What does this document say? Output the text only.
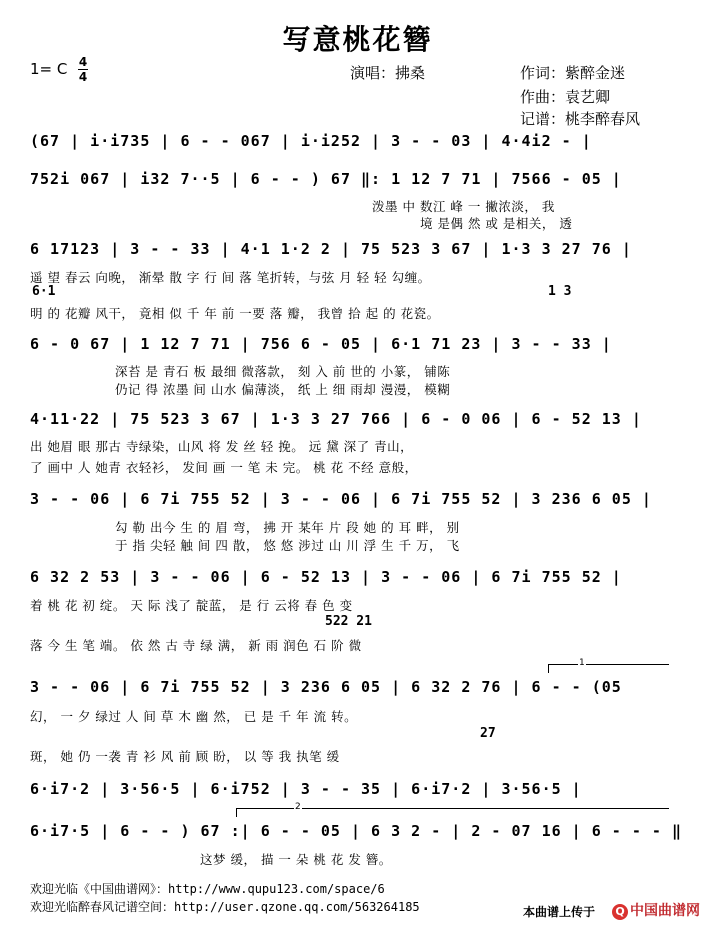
写意桃花簪
1= C 4
4	演唱：拂桑	作词：紫醉金迷
作曲：袁艺卿
记谱：桃李醉春风
(67 | i·i735 | 6 - - 067 | i·i252 | 3 - - 03 | 4·4i2 - |
752i 067 | i32 7··5 | 6 - - ) 67 ‖: 1 12 7 71 | 7566 - 05 |
泼墨 中 数江 峰 一 撇浓淡， 我
境 是偶 然 或 是相关， 透
6 17123 | 3 - - 33 | 4·1 1·2 2 | 75 523 3 67 | 1·3 3 27 76 |
遥 望 春云 向晚， 渐晕 散 字 行 间 落 笔折转，与弦 月 轻 轻 勾缠。
6·1	1 3
明 的 花瓣 风干， 竟相 似 千 年 前 一要 落 瓣， 我曾 拾 起 的 花瓷。
6 - 0 67 | 1 12 7 71 | 756 6 - 05 | 6·1 71 23 | 3 - - 33 |
深苔 是 青石 板 最细 微落款， 刻 入 前 世的 小篆， 铺陈
仍记 得 浓墨 间 山水 偏薄淡， 纸 上 细 雨却 漫漫， 模糊
4·11·22 | 75 523 3 67 | 1·3 3 27 766 | 6 - 0 06 | 6 - 52 13 |
出 她眉 眼 那古 寺绿染，山风 将 发 丝 轻 挽。 远 黛 深了 青山，
了 画中 人 她青 衣轻衫， 发间 画 一 笔 未 完。 桃 花 不经 意般，
3 - - 06 | 6 7i 755 52 | 3 - - 06 | 6 7i 755 52 | 3 236 6 05 |
勾 勒 出今 生 的 眉 弯， 拂 开 某年 片 段 她 的 耳 畔， 别
于 指 尖轻 触 间 四 散， 悠 悠 涉过 山 川 浮 生 千 万， 飞
6 32 2 53 | 3 - - 06 | 6 - 52 13 | 3 - - 06 | 6 7i 755 52 |
着 桃 花 初 绽。 天 际 浅了 靛蓝， 是 行 云将 春 色 变
522 21
落 今 生 笔 端。 依 然 古 寺 绿 满， 新 雨 润色 石 阶 微
1
3 - - 06 | 6 7i 755 52 | 3 236 6 05 | 6 32 2 76 | 6 - - (05
幻， 一 夕 绿过 人 间 草 木 幽 然， 已 是 千 年 流 转。
27
斑， 她 仍 一袭 青 衫 风 前 顾 盼， 以 等 我 执笔 缓
6·i7·2 | 3·56·5 | 6·i752 | 3 - - 35 | 6·i7·2 | 3·56·5 |
2
6·i7·5 | 6 - - ) 67 :| 6 - - 05 | 6 3 2 - | 2 - 07 16 | 6 - - - ‖
这梦 缓， 描 一 朵 桃 花 发 簪。
欢迎光临《中国曲谱网》：http://www.qupu123.com/space/6
欢迎光临醉春风记谱空间：http://user.qzone.qq.com/563264185	本曲谱上传于	Q 中国曲谱网
